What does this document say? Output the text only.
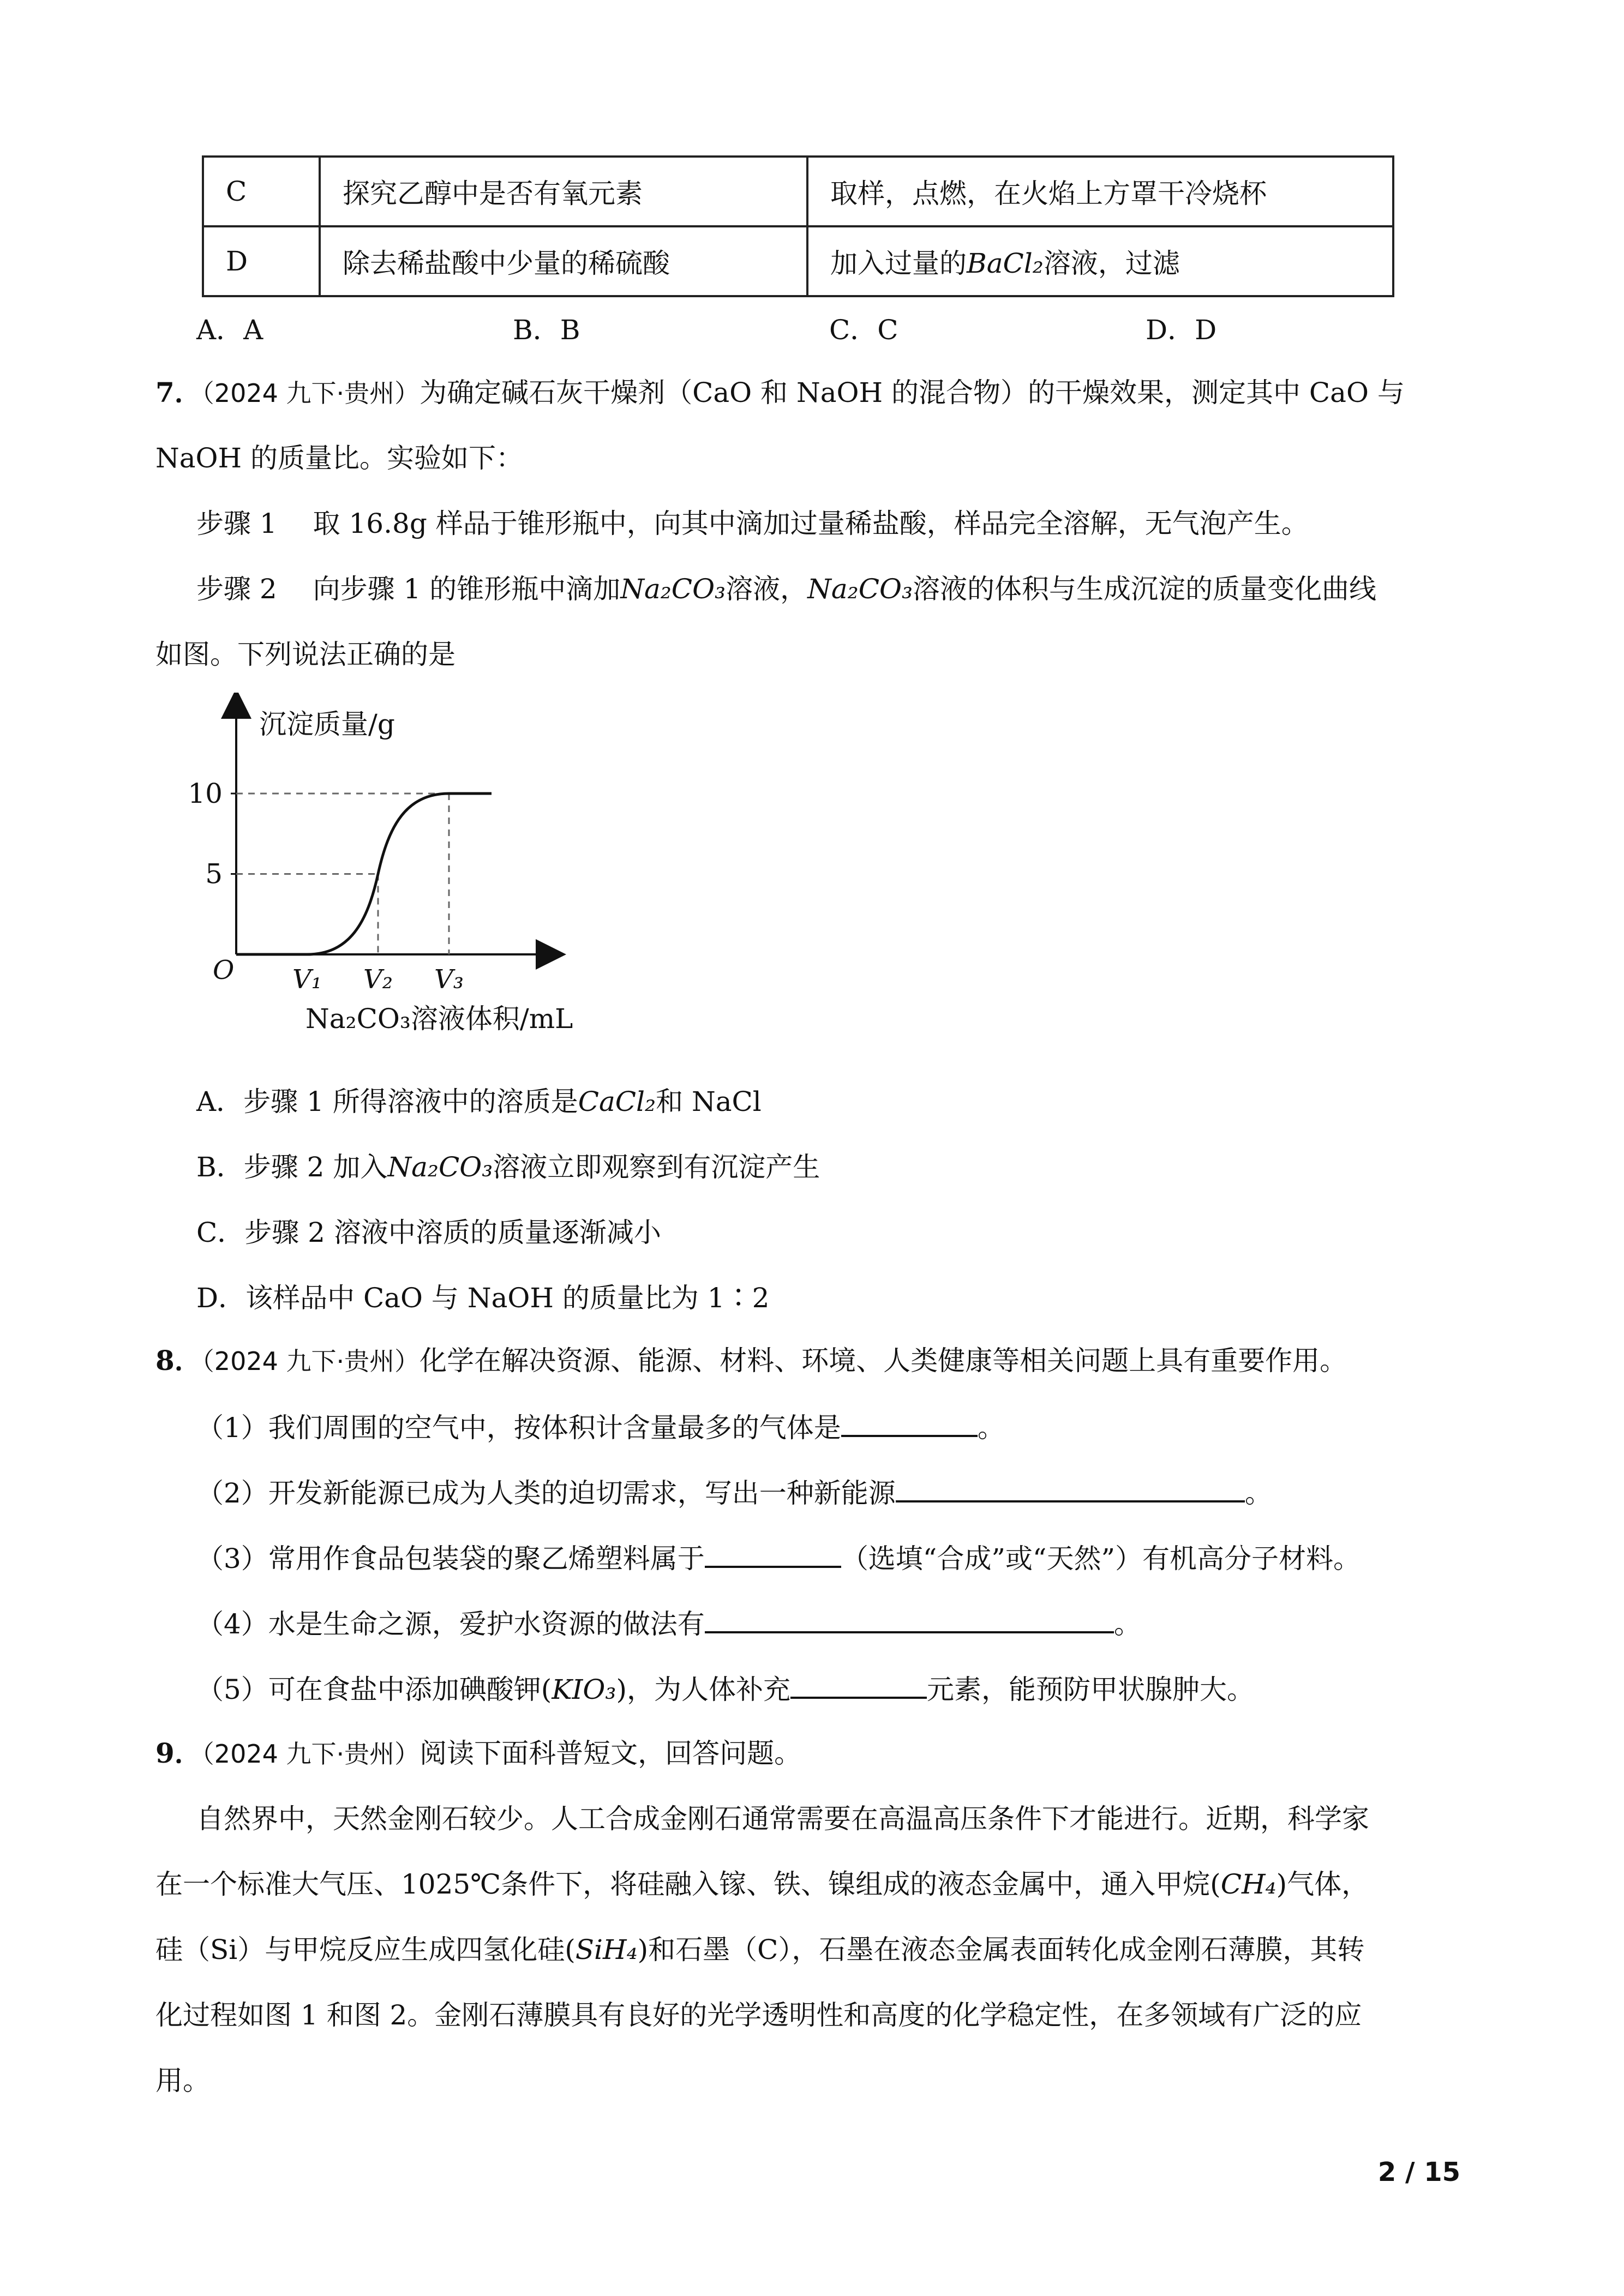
C	探究乙醇中是否有氧元素	取样，点燃，在火焰上方罩干冷烧杯
D	除去稀盐酸中少量的稀硫酸	加入过量的BaCl₂溶液，过滤
A．A	B．B	C．C	D．D
7．（2024 九下·贵州）为确定碱石灰干燥剂（CaO 和 NaOH 的混合物）的干燥效果，测定其中 CaO 与
NaOH 的质量比。实验如下：
步骤 1　 取 16.8g 样品于锥形瓶中，向其中滴加过量稀盐酸，样品完全溶解，无气泡产生。
步骤 2　 向步骤 1 的锥形瓶中滴加Na₂CO₃溶液，Na₂CO₃溶液的体积与生成沉淀的质量变化曲线
如图。下列说法正确的是
沉淀质量/g
Na₂CO₃溶液体积/mL
O
10
5
V₁ V₂ V₃
A．步骤 1 所得溶液中的溶质是CaCl₂和 NaCl
B．步骤 2 加入Na₂CO₃溶液立即观察到有沉淀产生
C．步骤 2 溶液中溶质的质量逐渐减小
D．该样品中 CaO 与 NaOH 的质量比为 1∶2
8．（2024 九下·贵州）化学在解决资源、能源、材料、环境、人类健康等相关问题上具有重要作用。
（1）我们周围的空气中，按体积计含量最多的气体是	。
（2）开发新能源已成为人类的迫切需求，写出一种新能源	。
（3）常用作食品包装袋的聚乙烯塑料属于	（选填“合成”或“天然”）有机高分子材料。
（4）水是生命之源，爱护水资源的做法有	。
（5）可在食盐中添加碘酸钾(KIO₃)，为人体补充	元素，能预防甲状腺肿大。
9．（2024 九下·贵州）阅读下面科普短文，回答问题。
自然界中，天然金刚石较少。人工合成金刚石通常需要在高温高压条件下才能进行。近期，科学家
在一个标准大气压、1025℃条件下，将硅融入镓、铁、镍组成的液态金属中，通入甲烷(CH₄)气体，
硅（Si）与甲烷反应生成四氢化硅(SiH₄)和石墨（C），石墨在液态金属表面转化成金刚石薄膜，其转
化过程如图 1 和图 2。金刚石薄膜具有良好的光学透明性和高度的化学稳定性，在多领域有广泛的应
用。
2 / 15
